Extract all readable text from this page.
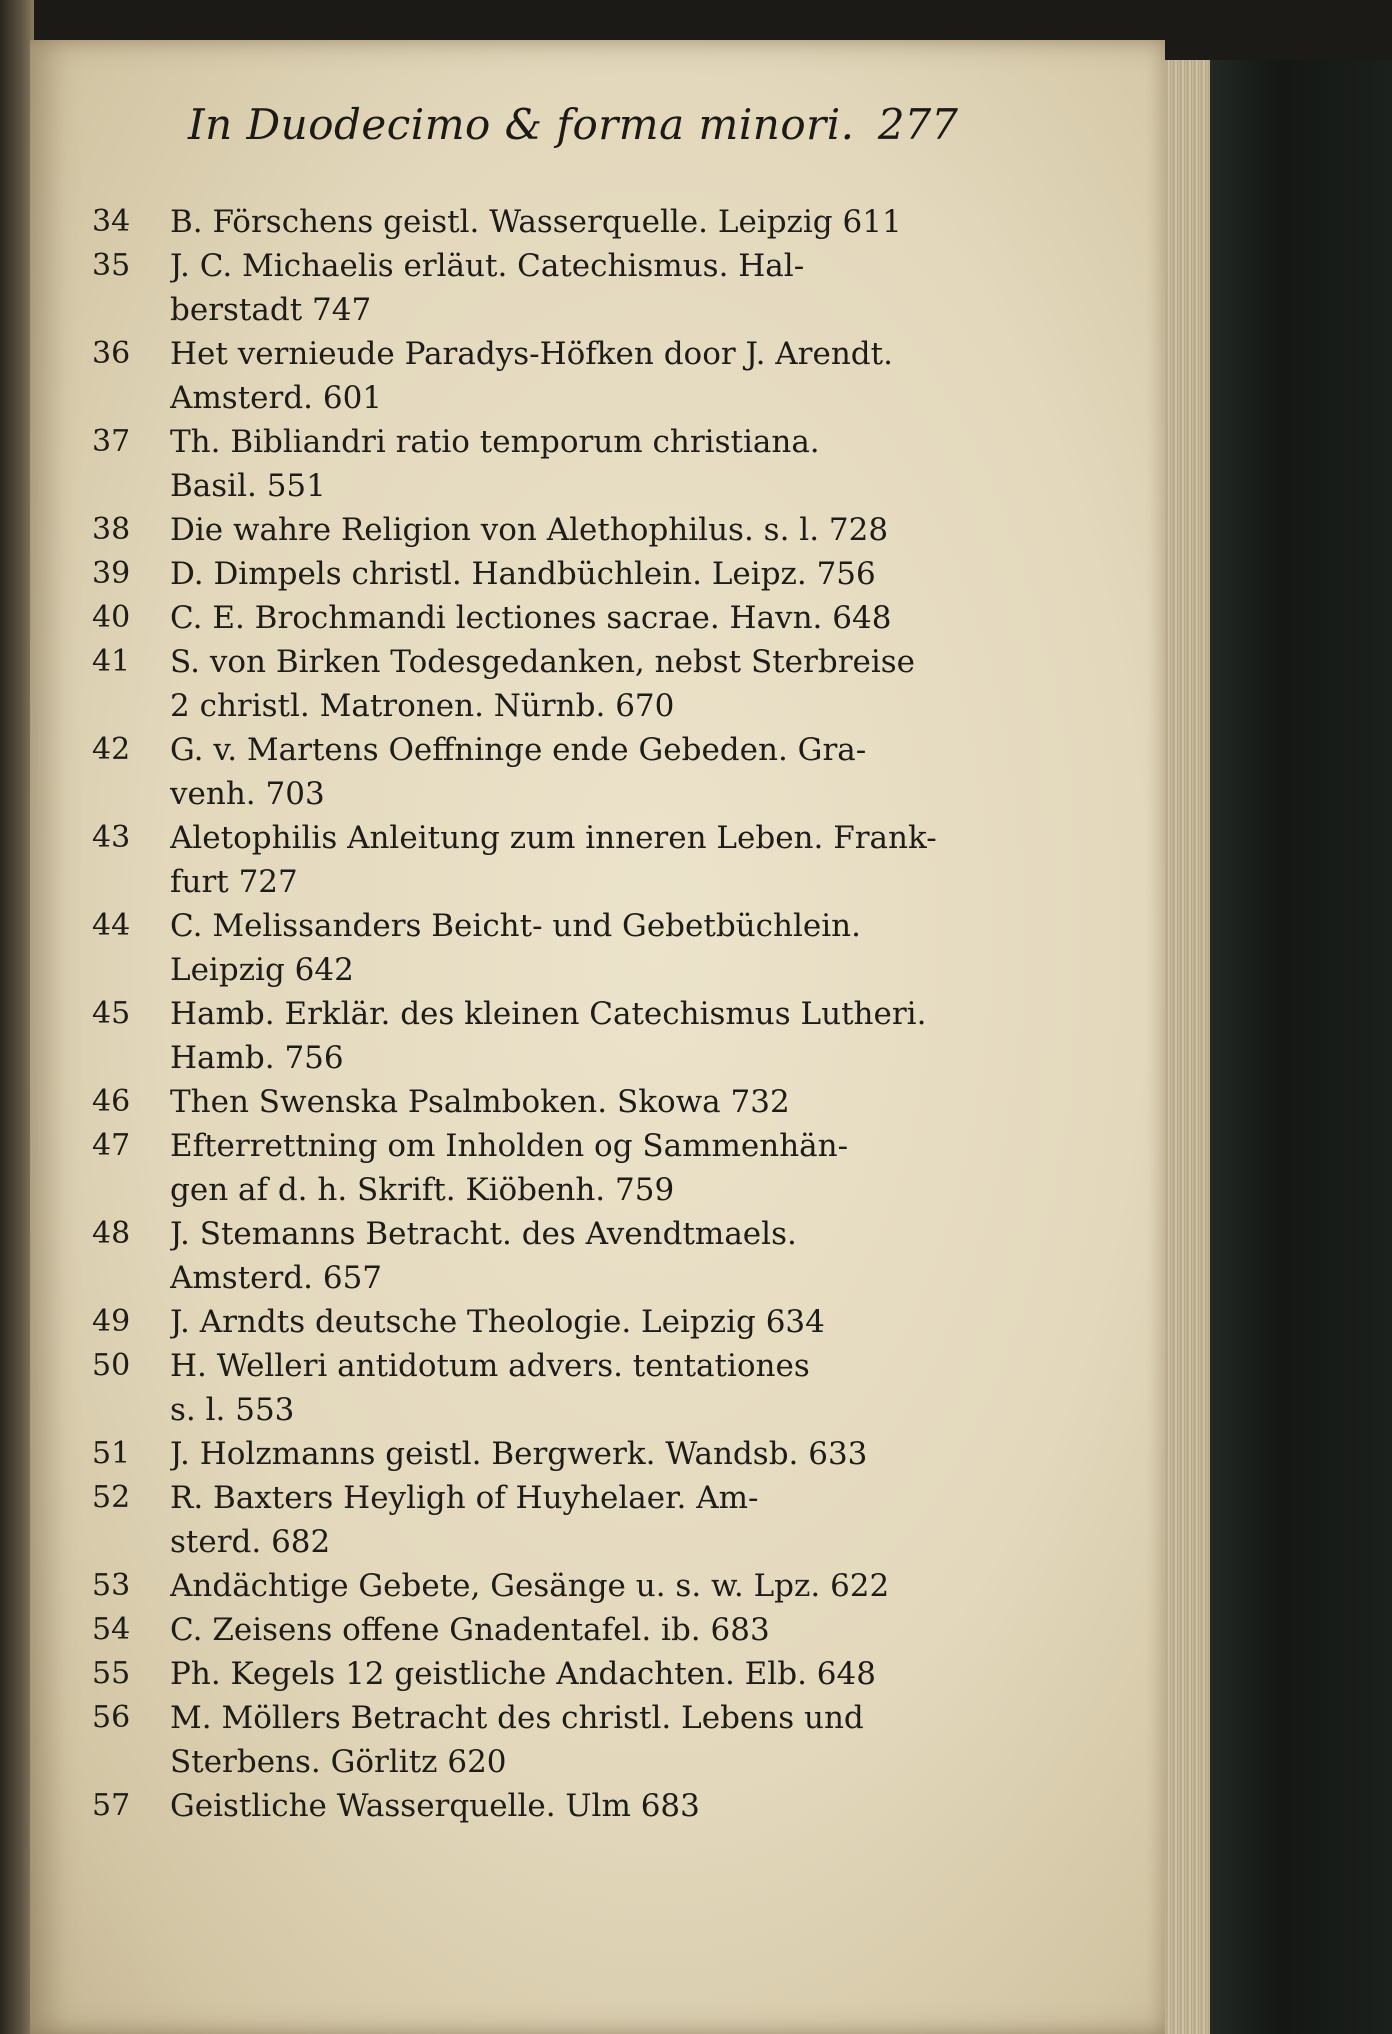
In Duodecimo & forma minori. 277
34	B. Förschens geistl. Wasserquelle. Leipzig 611
35	J. C. Michaelis erläut. Catechismus. Hal-
berstadt 747
36	Het vernieude Paradys-Höfken door J. Arendt.
Amsterd. 601
37	Th. Bibliandri ratio temporum christiana.
Basil. 551
38	Die wahre Religion von Alethophilus. s. l. 728
39	D. Dimpels christl. Handbüchlein. Leipz. 756
40	C. E. Brochmandi lectiones sacrae. Havn. 648
41	S. von Birken Todesgedanken, nebst Sterbreise
2 christl. Matronen. Nürnb. 670
42	G. v. Martens Oeffninge ende Gebeden. Gra-
venh. 703
43	Aletophilis Anleitung zum inneren Leben. Frank-
furt 727
44	C. Melissanders Beicht- und Gebetbüchlein.
Leipzig 642
45	Hamb. Erklär. des kleinen Catechismus Lutheri.
Hamb. 756
46	Then Swenska Psalmboken. Skowa 732
47	Efterrettning om Inholden og Sammenhän-
gen af d. h. Skrift. Kiöbenh. 759
48	J. Stemanns Betracht. des Avendtmaels.
Amsterd. 657
49	J. Arndts deutsche Theologie. Leipzig 634
50	H. Welleri antidotum advers. tentationes
s. l. 553
51	J. Holzmanns geistl. Bergwerk. Wandsb. 633
52	R. Baxters Heyligh of Huyhelaer. Am-
sterd. 682
53	Andächtige Gebete, Gesänge u. s. w. Lpz. 622
54	C. Zeisens offene Gnadentafel. ib. 683
55	Ph. Kegels 12 geistliche Andachten. Elb. 648
56	M. Möllers Betracht des christl. Lebens und
Sterbens. Görlitz 620
57	Geistliche Wasserquelle. Ulm 683
